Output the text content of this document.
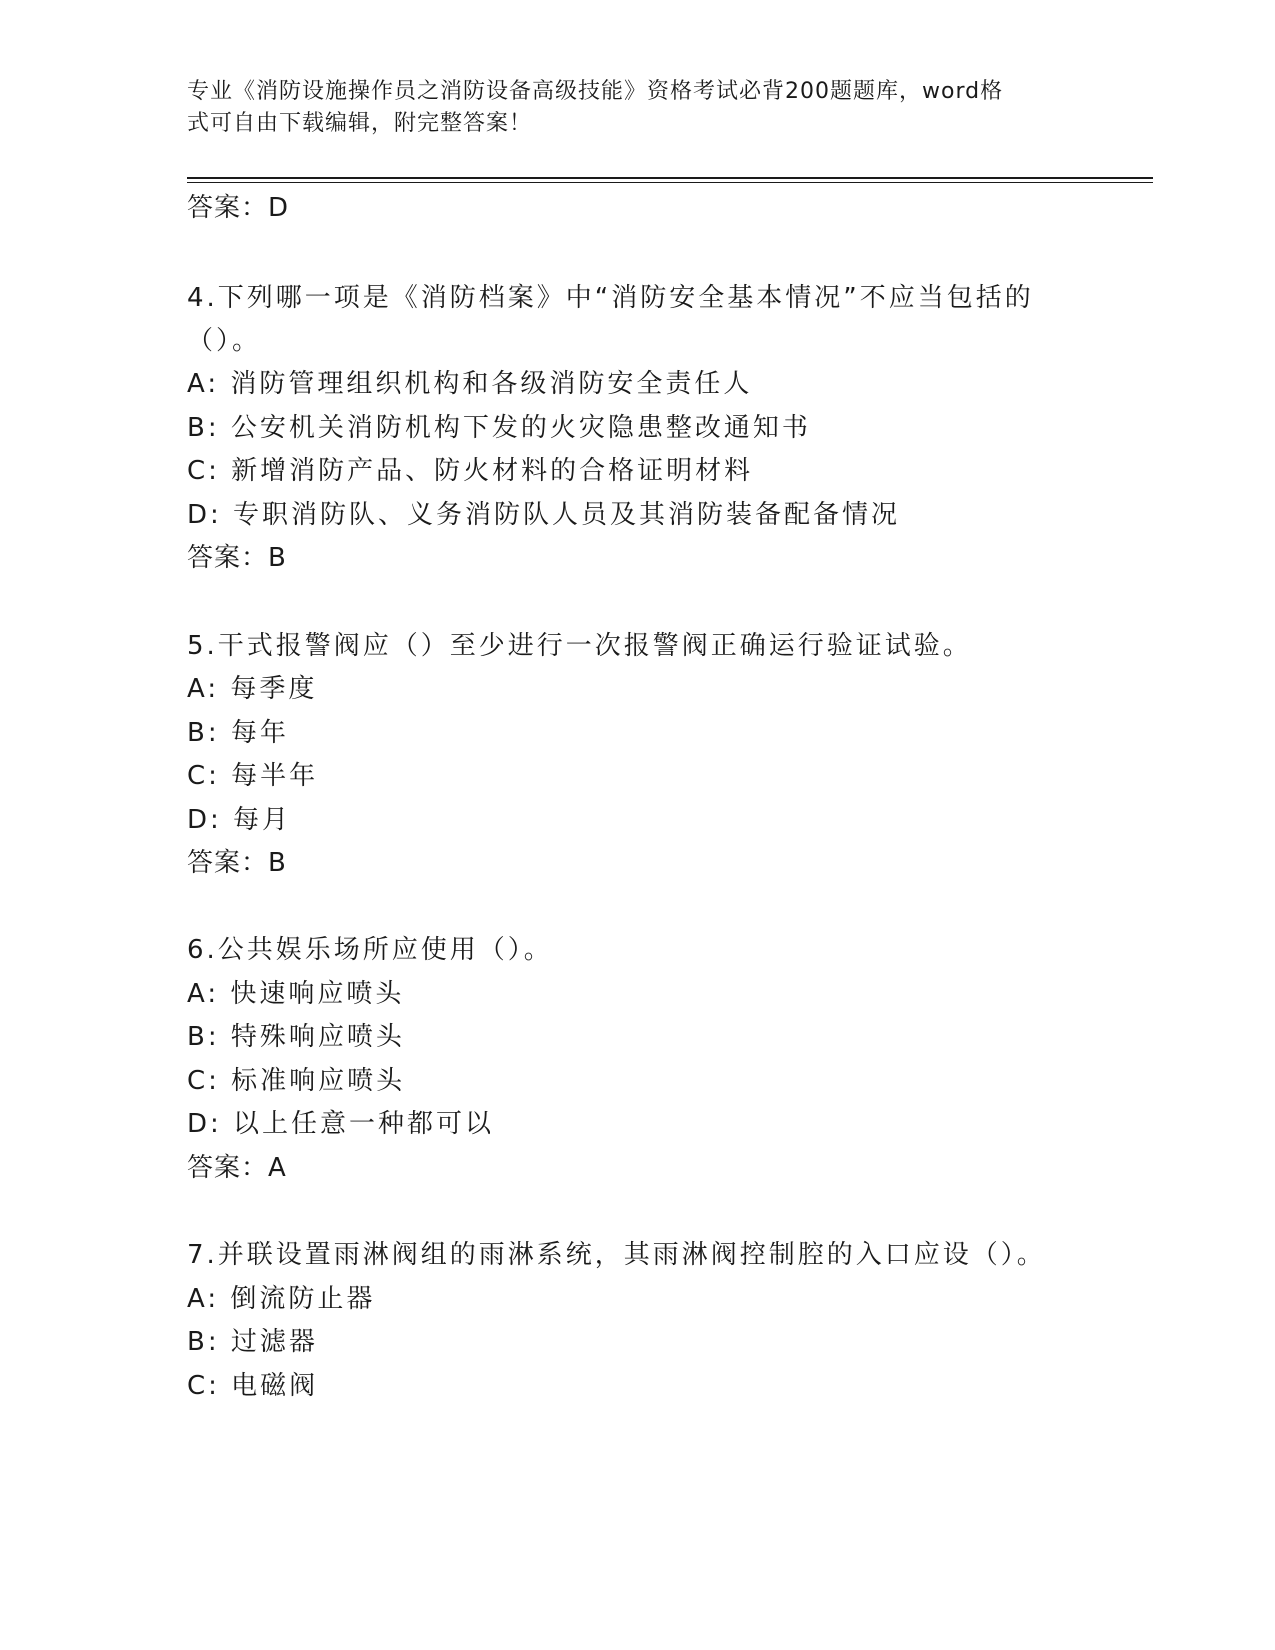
专业《消防设施操作员之消防设备高级技能》资格考试必背200题题库，word格
式可自由下载编辑，附完整答案！
答案：D
4.下列哪一项是《消防档案》中“消防安全基本情况”不应当包括的
（）。
A: 消防管理组织机构和各级消防安全责任人
B: 公安机关消防机构下发的火灾隐患整改通知书
C: 新增消防产品、防火材料的合格证明材料
D: 专职消防队、义务消防队人员及其消防装备配备情况
答案：B
5.干式报警阀应（）至少进行一次报警阀正确运行验证试验。
A: 每季度
B: 每年
C: 每半年
D: 每月
答案：B
6.公共娱乐场所应使用（）。
A: 快速响应喷头
B: 特殊响应喷头
C: 标准响应喷头
D: 以上任意一种都可以
答案：A
7.并联设置雨淋阀组的雨淋系统，其雨淋阀控制腔的入口应设（）。
A: 倒流防止器
B: 过滤器
C: 电磁阀
